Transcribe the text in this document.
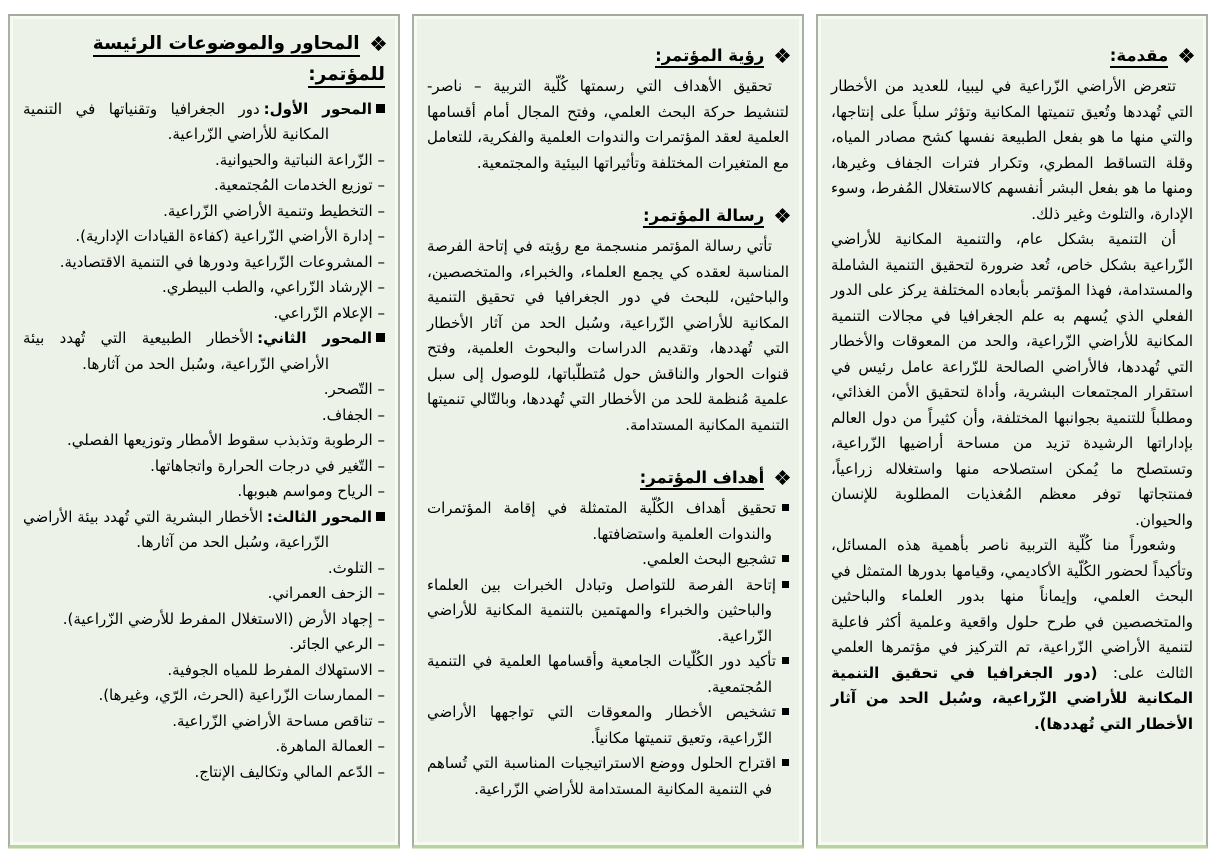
مقدمة:

تتعرض الأراضي الزّراعية في ليبيا، للعديد من الأخطار التي تُهددها وتُعيق تنميتها المكانية وتؤثر سلباً على إنتاجها، والتي منها ما هو بفعل الطبيعة نفسها كشح مصادر المياه، وقلة التساقط المطري، وتكرار فترات الجفاف وغيرها، ومنها ما هو بفعل البشر أنفسهم كالاستغلال المُفرط، وسوء الإدارة، والتلوث وغير ذلك.

أن التنمية بشكل عام، والتنمية المكانية للأراضي الزّراعية بشكل خاص، تُعد ضرورة لتحقيق التنمية الشاملة والمستدامة، فهذا المؤتمر بأبعاده المختلفة يركز على الدور الفعلي الذي يُسهم به علم الجغرافيا في مجالات التنمية المكانية للأراضي الزّراعية، والحد من المعوقات والأخطار التي تُهددها، فالأراضي الصالحة للزّراعة عامل رئيس في استقرار المجتمعات البشرية، وأداة لتحقيق الأمن الغذائي، ومطلباً للتنمية بجوانبها المختلفة، وأن كثيراً من دول العالم بإداراتها الرشيدة تزيد من مساحة أراضيها الزّراعية، وتستصلح ما يُمكن استصلاحه منها واستغلاله زراعياً، فمنتجاتها توفر معظم المُغذيات المطلوبة للإنسان والحيوان.

وشعوراً منا كُلّية التربية ناصر بأهمية هذه المسائل، وتأكيداً لحضور الكُلّية الأكاديمي، وقيامها بدورها المتمثل في البحث العلمي، وإيماناً منها بدور العلماء والباحثين والمتخصصين في طرح حلول واقعية وعلمية أكثر فاعلية لتنمية الأراضي الزّراعية، تم التركيز في مؤتمرها العلمي الثالث على: (دور الجغرافيا في تحقيق التنمية المكانية للأراضي الزّراعية، وسُبل الحد من آثار الأخطار التي تُهددها).

رؤية المؤتمر:

تحقيق الأهداف التي رسمتها كُلّية التربية – ناصر- لتنشيط حركة البحث العلمي، وفتح المجال أمام أقسامها العلمية لعقد المؤتمرات والندوات العلمية والفكرية، للتعامل مع المتغيرات المختلفة وتأثيراتها البيئية والمجتمعية.

رسالة المؤتمر:

تأتي رسالة المؤتمر منسجمة مع رؤيته في إتاحة الفرصة المناسبة لعقده كي يجمع العلماء، والخبراء، والمتخصصين، والباحثين، للبحث في دور الجغرافيا في تحقيق التنمية المكانية للأراضي الزّراعية، وسُبل الحد من آثار الأخطار التي تُهددها، وتقديم الدراسات والبحوث العلمية، وفتح قنوات الحوار والناقش حول مُتطلّباتها، للوصول إلى سبل علمية مُنظمة للحد من الأخطار التي تُهددها، وبالتّالي تنميتها التنمية المكانية المستدامة.

أهداف المؤتمر:

تحقيق أهداف الكُلّية المتمثلة في إقامة المؤتمرات والندوات العلمية واستضافتها.

تشجيع البحث العلمي.

إتاحة الفرصة للتواصل وتبادل الخبرات بين العلماء والباحثين والخبراء والمهتمين بالتنمية المكانية للأراضي الزّراعية.

تأكيد دور الكُلّيات الجامعية وأقسامها العلمية في التنمية المُجتمعية.

تشخيص الأخطار والمعوقات التي تواجهها الأراضي الزّراعية، وتعيق تنميتها مكانياً.

اقتراح الحلول ووضع الاستراتيجيات المناسبة التي تُساهم في التنمية المكانية المستدامة للأراضي الزّراعية.

المحاور والموضوعات الرئيسة للمؤتمر:

المحور الأول:دور الجغرافيا وتقنياتها في التنمية المكانية للأراضي الزّراعية.

– الزّراعة النباتية والحيوانية.

– توزيع الخدمات المُجتمعية.

– التخطيط وتنمية الأراضي الزّراعية.

– إدارة الأراضي الزّراعية (كفاءة القيادات الإدارية).

– المشروعات الزّراعية ودورها في التنمية الاقتصادية.

– الإرشاد الزّراعي، والطب البيطري.

– الإعلام الزّراعي.

المحور الثاني:الأخطار الطبيعية التي تُهدد بيئة الأراضي الزّراعية، وسُبل الحد من آثارها.

– التّصحر.

– الجفاف.

– الرطوبة وتذبذب سقوط الأمطار وتوزيعها الفصلي.

– التّغير في درجات الحرارة واتجاهاتها.

– الرياح ومواسم هبوبها.

المحور الثالث:الأخطار البشرية التي تُهدد بيئة الأراضي الزّراعية، وسُبل الحد من آثارها.

– التلوث.

– الزحف العمراني.

– إجهاد الأرض (الاستغلال المفرط للأرضي الزّراعية).

– الرعي الجائر.

– الاستهلاك المفرط للمياه الجوفية.

– الممارسات الزّراعية (الحرث، الرّي، وغيرها).

– تناقص مساحة الأراضي الزّراعية.

– العمالة الماهرة.

– الدّعم المالي وتكاليف الإنتاج.
